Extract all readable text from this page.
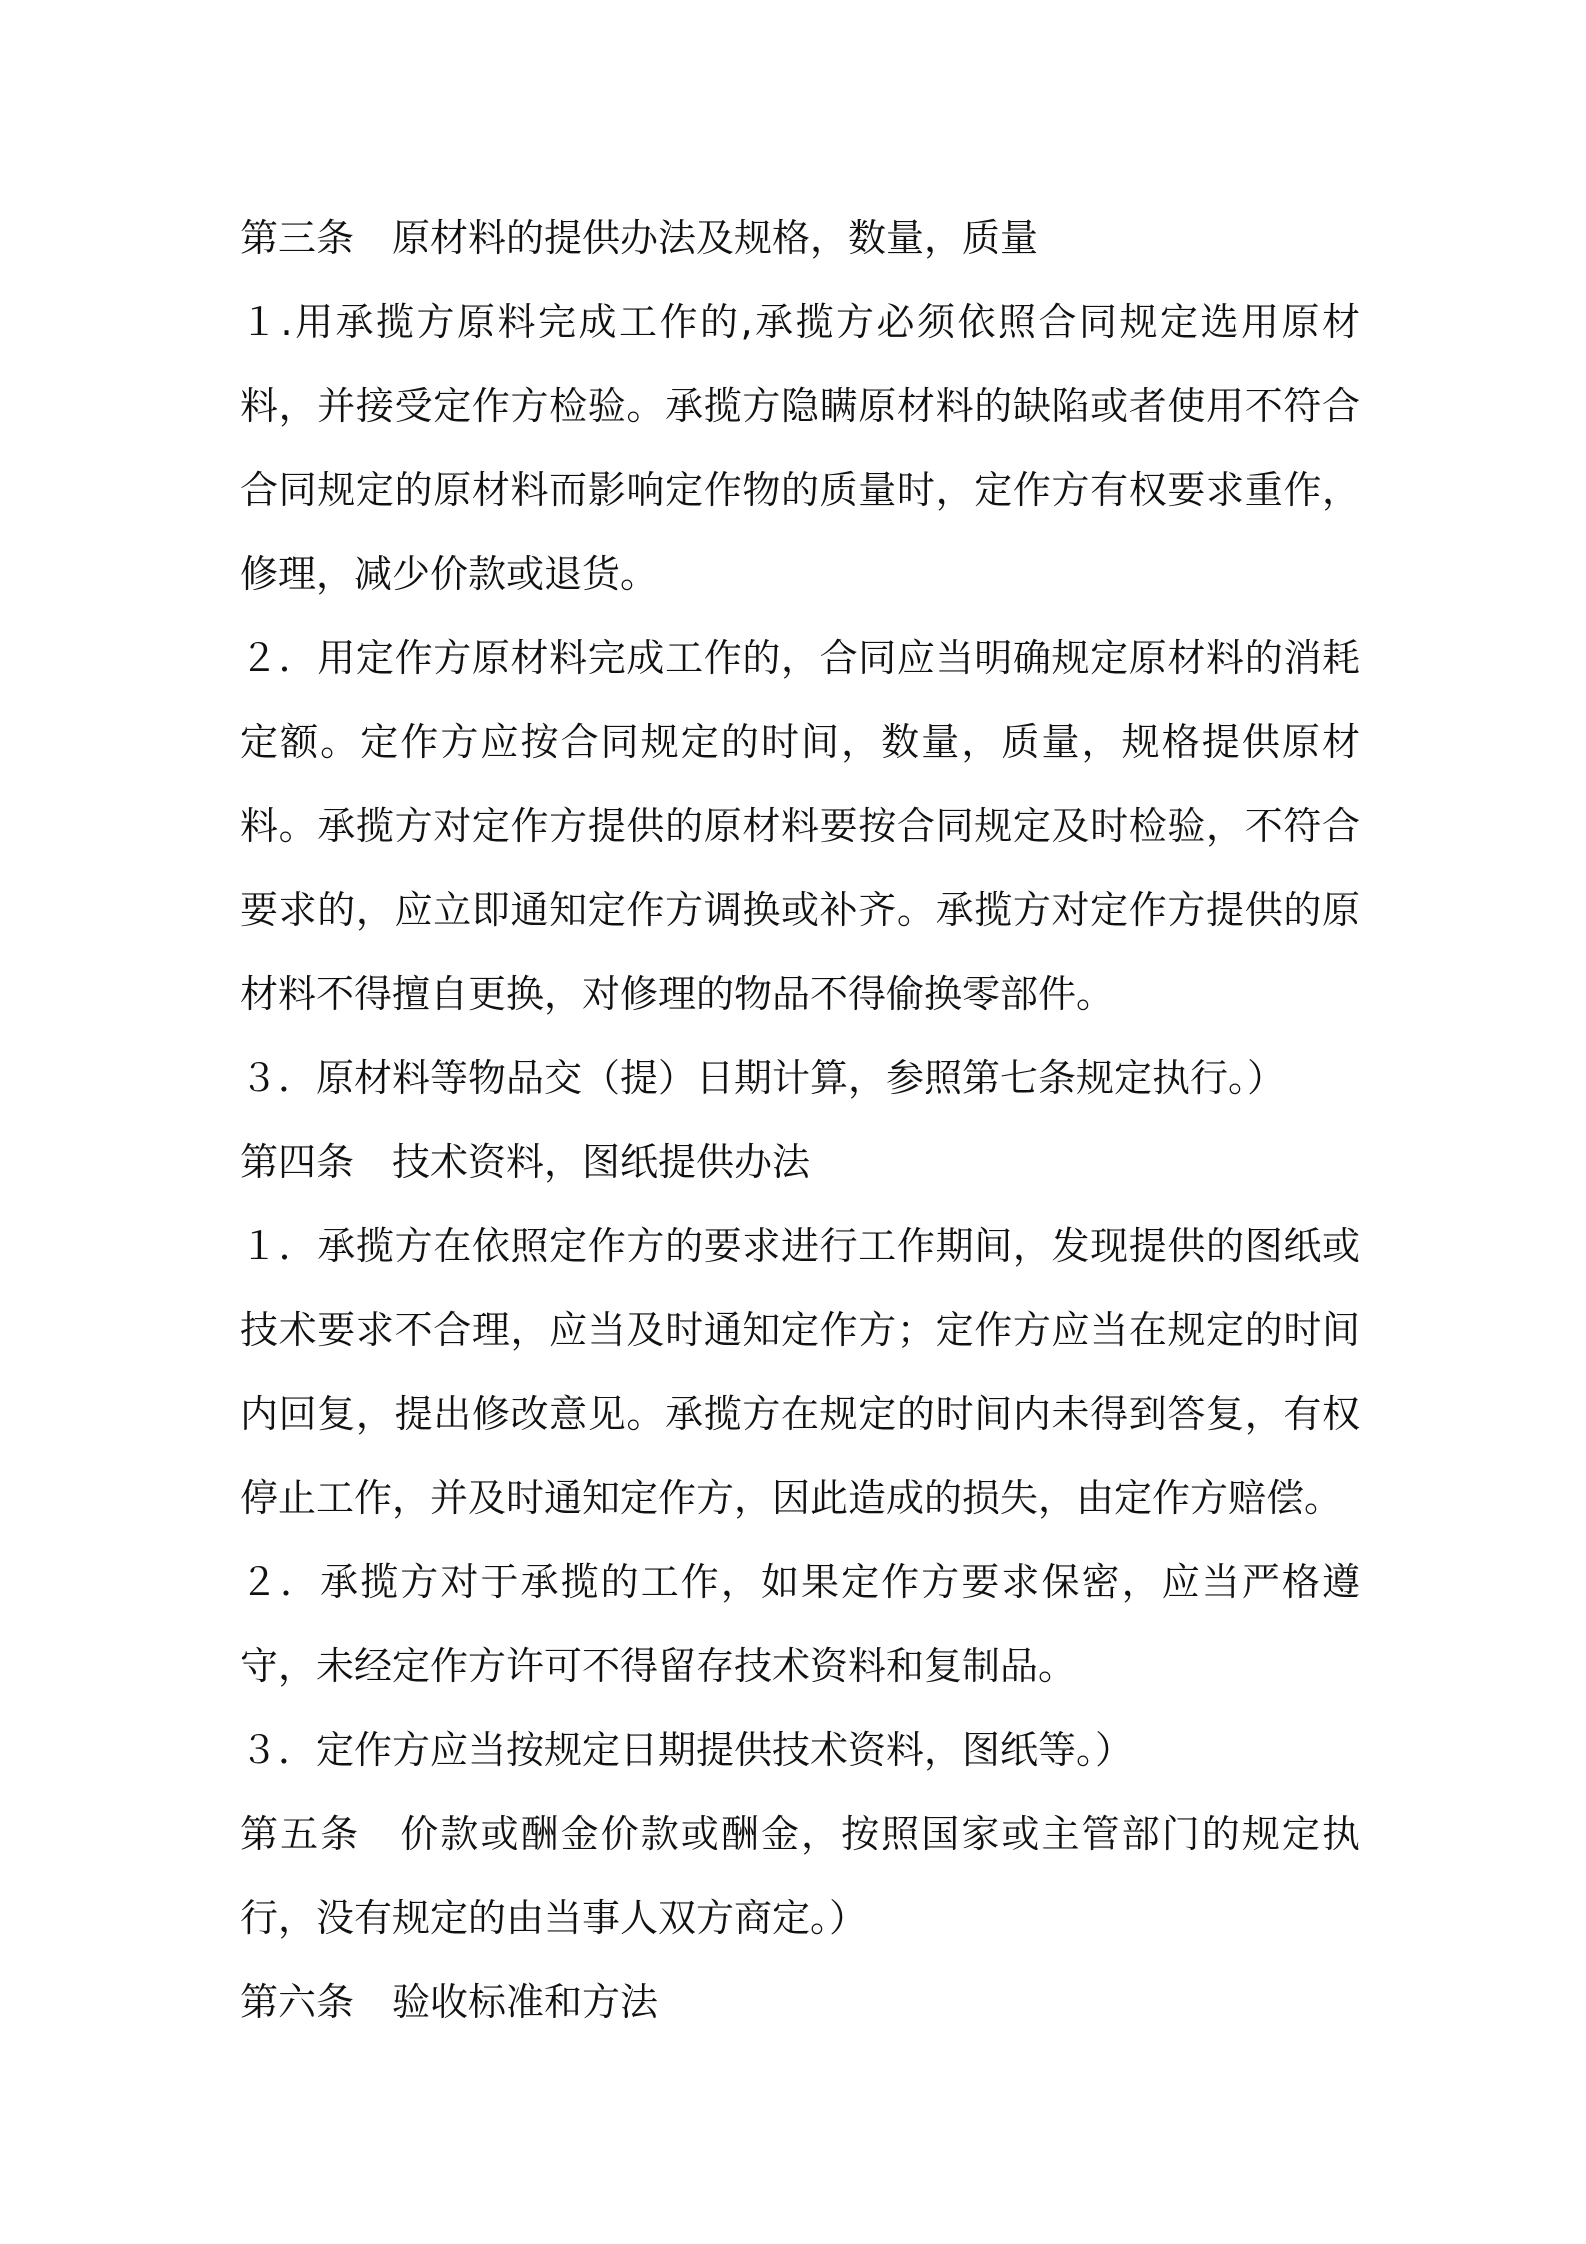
第三条　原材料的提供办法及规格，数量，质量

１.用承揽方原料完成工作的,承揽方必须依照合同规定选用原材料，并接受定作方检验。承揽方隐瞒原材料的缺陷或者使用不符合合同规定的原材料而影响定作物的质量时，定作方有权要求重作，修理，减少价款或退货。

２．用定作方原材料完成工作的，合同应当明确规定原材料的消耗定额。定作方应按合同规定的时间，数量，质量，规格提供原材料。承揽方对定作方提供的原材料要按合同规定及时检验，不符合要求的，应立即通知定作方调换或补齐。承揽方对定作方提供的原材料不得擅自更换，对修理的物品不得偷换零部件。

３．原材料等物品交（提）日期计算，参照第七条规定执行。）

第四条　技术资料，图纸提供办法

１．承揽方在依照定作方的要求进行工作期间，发现提供的图纸或技术要求不合理，应当及时通知定作方；定作方应当在规定的时间内回复，提出修改意见。承揽方在规定的时间内未得到答复，有权停止工作，并及时通知定作方，因此造成的损失，由定作方赔偿。

２．承揽方对于承揽的工作，如果定作方要求保密，应当严格遵守，未经定作方许可不得留存技术资料和复制品。

３．定作方应当按规定日期提供技术资料，图纸等。）

第五条　价款或酬金价款或酬金，按照国家或主管部门的规定执行，没有规定的由当事人双方商定。）

第六条　验收标准和方法
